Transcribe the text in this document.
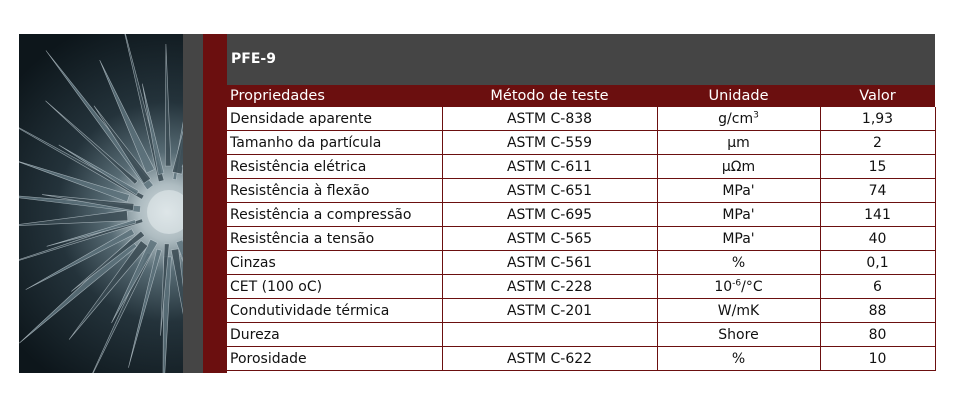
PFE-9
Propriedades	Método de teste	Unidade	Valor
Densidade aparente	ASTM C-838	$g/cm^3$	1,93
Tamanho da partícula	ASTM C-559	µm	2
Resistência elétrica	ASTM C-611	µΩm	15
Resistência à flexão	ASTM C-651	MPa'	74
Resistência a compressão	ASTM C-695	MPa'	141
Resistência a tensão	ASTM C-565	MPa'	40
Cinzas	ASTM C-561	%	0,1
CET (100 oC)	ASTM C-228	$10^{-6}/^\circ C$	6
Condutividade térmica	ASTM C-201	W/mK	88
Dureza		Shore	80
Porosidade	ASTM C-622	%	10
